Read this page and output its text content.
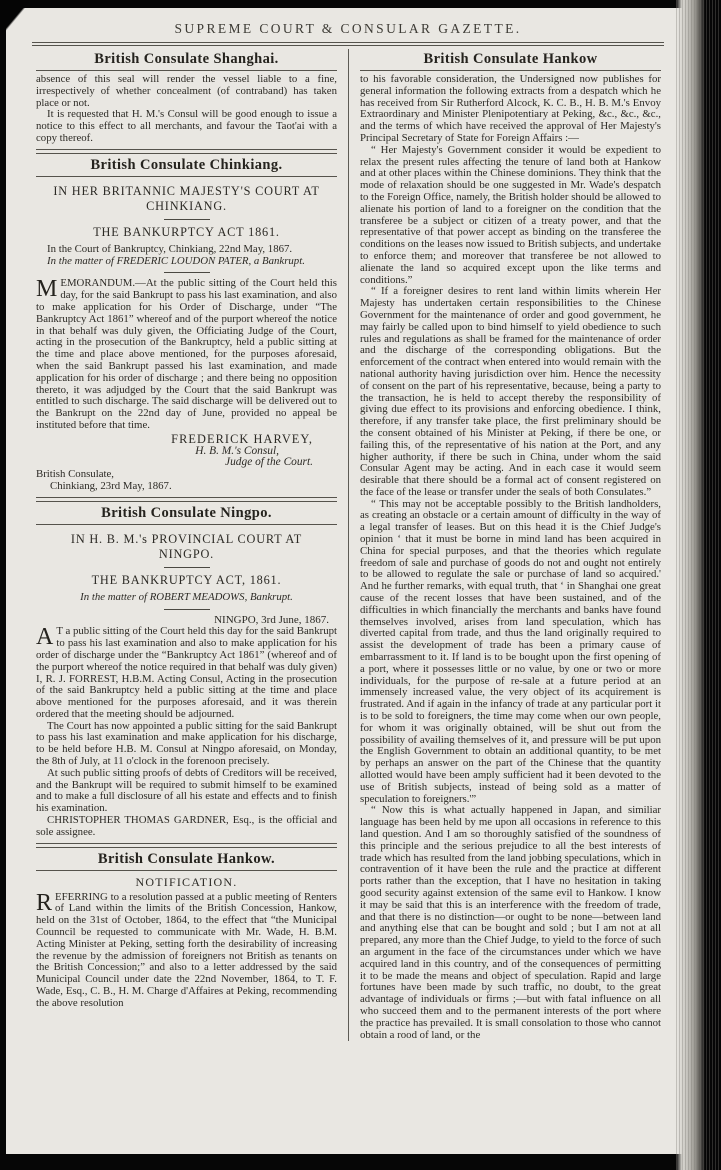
SUPREME COURT & CONSULAR GAZETTE.
British Consulate Shanghai.

absence of this seal will render the vessel liable to a fine, irrespectively of whether concealment (of contraband) has taken place or not.

It is requested that H. M.'s Consul will be good enough to issue a notice to this effect to all merchants, and favour the Taot'ai with a copy thereof.

British Consulate Chinkiang.
IN HER BRITANNIC MAJESTY'S COURT AT CHINKIANG.
THE BANKURPTCY ACT 1861.

In the Court of Bankruptcy, Chinkiang, 22nd May, 1867.

In the matter of FREDERIC LOUDON PATER, a Bankrupt.

MEMORANDUM.—At the public sitting of the Court held this day, for the said Bankrupt to pass his last examination, and also to make application for his Order of Discharge, under “The Bankruptcy Act 1861” whereof and of the purport whereof the notice in that behalf was duly given, the Officiating Judge of the Court, acting in the prosecution of the Bankruptcy, held a public sitting at the time and place above mentioned, for the purposes aforesaid, when the said Bankrupt passed his last examination, and made application for his order of discharge ; and there being no opposition thereto, it was adjudged by the Court that the said Bankrupt was entitled to such discharge. The said discharge will be delivered out to the Bankrupt on the 22nd day of June, provided no appeal be instituted before that time.

FREDERICK HARVEY,

H. B. M.'s Consul,

Judge of the Court.

British Consulate,

Chinkiang, 23rd May, 1867.

British Consulate Ningpo.
IN H. B. M.'s PROVINCIAL COURT AT NINGPO.
THE BANKRUPTCY ACT, 1861.

In the matter of ROBERT MEADOWS, Bankrupt.

NINGPO, 3rd June, 1867.

A T a public sitting of the Court held this day for the said Bankrupt to pass his last examination and also to make application for his order of discharge under the “Bankruptcy Act 1861” (whereof and of the purport whereof the notice required in that behalf was duly given) I, R. J. FORREST, H.B.M. Acting Consul, Acting in the prosecution of the said Bankruptcy held a public sitting at the time and place above mentioned for the purposes aforesaid, and it was therein ordered that the meeting should be adjourned.

The Court has now appointed a public sitting for the said Bankrupt to pass his last examination and make application for his discharge, to be held before H.B. M. Consul at Ningpo aforesaid, on Monday, the 8th of July, at 11 o'clock in the forenoon precisely.

At such public sitting proofs of debts of Creditors will be received, and the Bankrupt will be required to submit himself to be examined and to make a full disclosure of all his estate and effects and to finish his examination.

CHRISTOPHER THOMAS GARDNER, Esq., is the official and sole assignee.

British Consulate Hankow.
NOTIFICATION.

REFERRING to a resolution passed at a public meeting of Renters of Land within the limits of the British Concession, Hankow, held on the 31st of October, 1864, to the effect that “the Municipal Counncil be requested to communicate with Mr. Wade, H. B.M. Acting Minister at Peking, setting forth the desirability of increasing the revenue by the admission of foreigners not British as tenants on the British Concession;” and also to a letter addressed by the said Municipal Council under date the 22nd November, 1864, to T. F. Wade, Esq., C. B., H. M. Charge d'Affaires at Peking, recommending the above resolution

British Consulate Hankow

to his favorable consideration, the Undersigned now publishes for general information the following extracts from a despatch which he has received from Sir Rutherford Alcock, K. C. B., H. B. M.'s Envoy Extraordinary and Minister Plenipotentiary at Peking, &c., &c., &c., and the terms of which have received the approval of Her Majesty's Principal Secretary of State for Foreign Affairs :—

“ Her Majesty's Government consider it would be expedient to relax the present rules affecting the tenure of land both at Hankow and at other places within the Chinese dominions. They think that the mode of relaxation should be one suggested in Mr. Wade's despatch to the Foreign Office, namely, the British holder should be allowed to alienate his portion of land to a foreigner on the condition that the transferee be a subject or citizen of a treaty power, and that the representative of that power accept as binding on the transferee the conditions on the leases now issued to British subjects, and undertake to enforce them; and moreover that transferee be not allowed to alienate the land so acquired except upon the like terms and conditions.”

“ If a foreigner desires to rent land within limits wherein Her Majesty has undertaken certain responsibilities to the Chinese Government for the maintenance of order and good government, he may fairly be called upon to bind himself to yield obedience to such rules and regulations as shall be framed for the maintenance of order and the discharge of the corresponding obligations. But the enforcement of the contract when entered into would remain with the national authority having jurisdiction over him. Hence the necessity of consent on the part of his representative, because, being a party to the transaction, he is held to accept thereby the responsibility of giving due effect to its provisions and enforcing obedience. I think, therefore, if any transfer take place, the first preliminary should be the consent obtained of his Minister at Peking, if there be one, or failing this, of the representative of his nation at the Port, and any higher authority, if there be such in China, under whom the said Consular Agent may be acting. And in each case it would seem desirable that there should be a formal act of consent registered on the face of the lease or transfer under the seals of both Consulates.”

“ This may not be acceptable possibly to the British landholders, as creating an obstacle or a certain amount of difficulty in the way of a legal transfer of leases. But on this head it is the Chief Judge's opinion ‘ that it must be borne in mind land has been acquired in China for special purposes, and that the theories which regulate freedom of sale and purchase of goods do not and ought not entirely to be allowed to regulate the sale or purchase of land so acquired.' And he further remarks, with equal truth, that ‘ in Shanghai one great cause of the recent losses that have been sustained, and of the difficulties in which financially the merchants and banks have found themselves involved, arises from land speculation, which has diverted capital from trade, and thus the land originally required to assist the development of trade has been a primary cause of embarrassment to it. If land is to be bought upon the first opening of a port, where it possesses little or no value, by one or two or more individuals, for the purpose of re-sale at a future period at an immensely increased value, the very object of its acquirement is frustrated. And if again in the infancy of trade at any particular port it is to be sold to foreigners, the time may come when our own people, for whom it was originally obtained, will be shut out from the possibility of availing themselves of it, and pressure will be put upon the English Government to obtain an additional quantity, to be met by perhaps an answer on the part of the Chinese that the quantity allotted would have been amply sufficient had it been devoted to the use of British subjects, instead of being sold as a matter of speculation to foreigners.'”

“ Now this is what actually happened in Japan, and similiar language has been held by me upon all occasions in reference to this land question. And I am so thoroughly satisfied of the soundness of this principle and the serious prejudice to all the best interests of trade which has resulted from the land jobbing speculations, which in contravention of it have been the rule and the practice at different ports rather than the exception, that I have no hesitation in taking good security against extension of the same evil to Hankow. I know it may be said that this is an interference with the freedom of trade, and that there is no distinction—or ought to be none—between land and anything else that can be bought and sold ; but I am not at all prepared, any more than the Chief Judge, to yield to the force of such an argument in the face of the circumstances under which we have acquired land in this country, and of the consequences of permitting it to be made the means and object of speculation. Rapid and large fortunes have been made by such traffic, no doubt, to the great advantage of individuals or firms ;—but with fatal influence on all who succeed them and to the permanent interests of the port where the practice has prevailed. It is small consolation to those who cannot obtain a rood of land, or the
